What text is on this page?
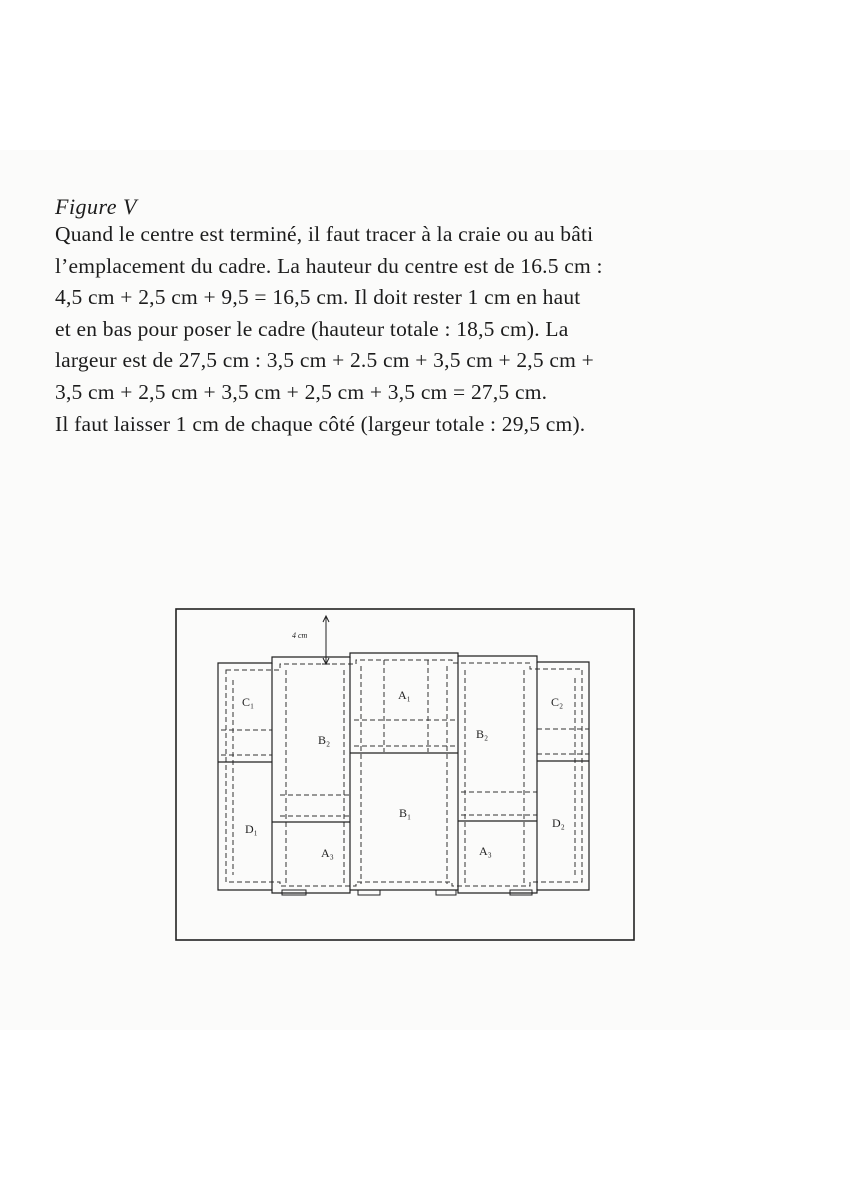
Figure V
Quand le centre est terminé, il faut tracer à la craie ou au bâti
l’emplacement du cadre. La hauteur du centre est de 16.5 cm :
4,5 cm + 2,5 cm + 9,5 = 16,5 cm. Il doit rester 1 cm en haut
et en bas pour poser le cadre (hauteur totale : 18,5 cm). La
largeur est de 27,5 cm : 3,5 cm + 2.5 cm + 3,5 cm + 2,5 cm +
3,5 cm + 2,5 cm + 3,5 cm + 2,5 cm + 3,5 cm = 27,5 cm.
Il faut laisser 1 cm de chaque côté (largeur totale : 29,5 cm).
4 cm
A₁
B₂	B₂
C₁	C₂
B₁
D₁	D₂
A₃	A₃
